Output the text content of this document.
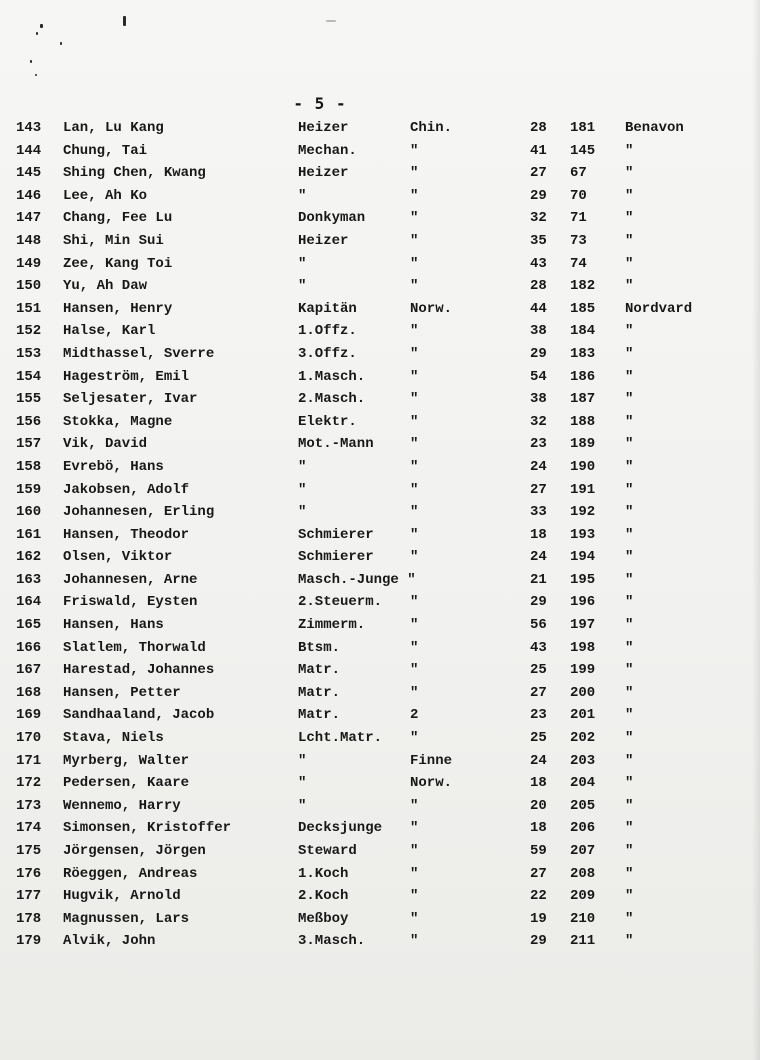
- 5 -
143 Lan, Lu Kang	Heizer	Chin.	28 181 Benavon
144 Chung, Tai	Mechan.	"	41 145 "
145 Shing Chen, Kwang	Heizer	"	27 67	"
146 Lee, Ah Ko	"	"	29 70	"
147 Chang, Fee Lu	Donkyman	"	32 71	"
148 Shi, Min Sui	Heizer	"	35 73	"
149 Zee, Kang Toi	"	"	43 74	"
150 Yu, Ah Daw	"	"	28 182 "
151 Hansen, Henry	Kapitän	Norw.	44 185 Nordvard
152 Halse, Karl	1.Offz.	"	38 184 "
153 Midthassel, Sverre	3.Offz.	"	29 183 "
154 Hageström, Emil	1.Masch.	"	54 186 "
155 Seljesater, Ivar	2.Masch.	"	38 187 "
156 Stokka, Magne	Elektr.	"	32 188 "
157 Vik, David	Mot.-Mann	"	23 189 "
158 Evrebö, Hans	"	"	24 190 "
159 Jakobsen, Adolf	"	"	27 191 "
160 Johannesen, Erling	"	"	33 192 "
161 Hansen, Theodor	Schmierer	"	18 193 "
162 Olsen, Viktor	Schmierer	"	24 194 "
163 Johannesen, Arne	Masch.-Junge "	21 195 "
164 Friswald, Eysten	2.Steuerm. "	29 196 "
165 Hansen, Hans	Zimmerm.	"	56 197 "
166 Slatlem, Thorwald	Btsm.	"	43 198 "
167 Harestad, Johannes	Matr.	"	25 199 "
168 Hansen, Petter	Matr.	"	27 200 "
169 Sandhaaland, Jacob	Matr.	2	23 201 "
170 Stava, Niels	Lcht.Matr. "	25 202 "
171 Myrberg, Walter	"	Finne	24 203 "
172 Pedersen, Kaare	"	Norw.	18 204 "
173 Wennemo, Harry	"	"	20 205 "
174 Simonsen, Kristoffer	Decksjunge "	18 206 "
175 Jörgensen, Jörgen	Steward	"	59 207 "
176 Röeggen, Andreas	1.Koch	"	27 208 "
177 Hugvik, Arnold	2.Koch	"	22 209 "
178 Magnussen, Lars	Meßboy	"	19 210 "
179 Alvik, John	3.Masch.	"	29 211 "
